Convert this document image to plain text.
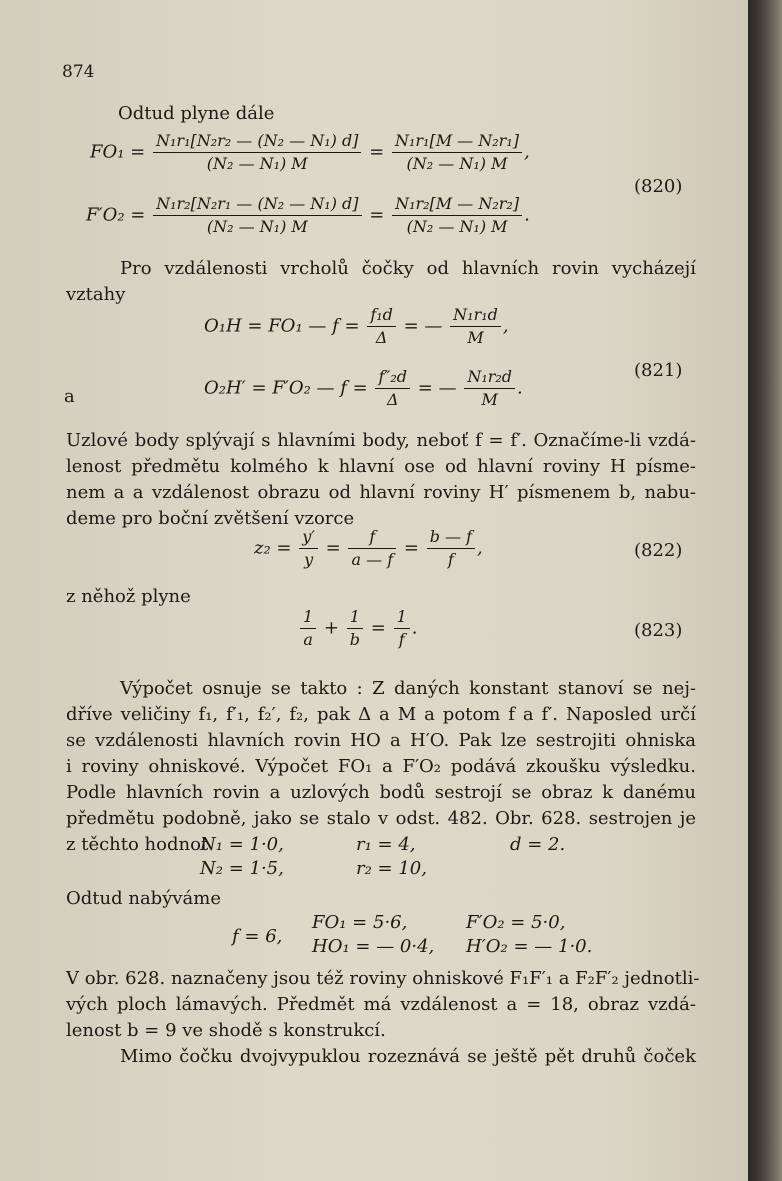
874
Odtud plyne dále
$FO_1 = \frac{\text{N₁r₁[N₂r₂ — (N₂ — N₁) d]}}{\text{(N₂ — N₁) M}} = \frac{\text{N₁r₁[M — N₂r₁]}}{\text{(N₂ — N₁) M}}$ ,
$F'O_2 = \frac{\text{N₁r₂[N₂r₁ — (N₂ — N₁) d]}}{\text{(N₂ — N₁) M}} = \frac{\text{N₁r₂[M — N₂r₂]}}{\text{(N₂ — N₁) M}}$ .
(820)
Pro vzdálenosti vrcholů čočky od hlavních rovin vycházejí
vztahy
O₁H = FO₁ — $f = \frac{\text{f₁d}}{\Delta}$ = — $\frac{\text{N₁r₁d}}{M}$ ,
a	O₂H′ = F′O₂ — $f = \frac{\text{f″₂d}}{\Delta}$ = — $\frac{\text{N₁r₂d}}{M}$ .
(821)
Uzlové body splývají s hlavními body, neboť f = f′. Označíme-li vzdá-
lenost předmětu kolmého k hlavní ose od hlavní roviny H písme-
nem a a vzdálenost obrazu od hlavní roviny H′ písmenem b, nabu-
deme pro boční zvětšení vzorce
$z_2 = \frac{y'}{y} = \frac{f}{a — f} = \frac{b — f}{f}$ ,	(822)
z něhož plyne
$\frac{1}{a} + \frac{1}{b} = \frac{1}{f}$ .	(823)
Výpočet osnuje se takto : Z daných konstant stanoví se nej-
dříve veličiny f₁, f′₁, f₂′, f₂, pak Δ a M a potom f a f′. Naposled určí
se vzdálenosti hlavních rovin HO a H′O. Pak lze sestrojiti ohniska
i roviny ohniskové. Výpočet FO₁ a F′O₂ podává zkoušku výsledku.
Podle hlavních rovin a uzlových bodů sestrojí se obraz k danému
předmětu podobně, jako se stalo v odst. 482. Obr. 628. sestrojen je
z těchto hodnot
N₁ = 1·0,	r₁ = 4,	d = 2.
N₂ = 1·5,	r₂ = 10,
Odtud nabýváme
f = 6,
FO₁ = 5·6,	F′O₂ = 5·0,
HO₁ = — 0·4, H′O₂ = — 1·0.
V obr. 628. naznačeny jsou též roviny ohniskové F₁F′₁ a F₂F′₂ jednotli-
vých ploch lámavých. Předmět má vzdálenost a = 18, obraz vzdá-
lenost b = 9 ve shodě s konstrukcí.
Mimo čočku dvojvypuklou rozeznává se ještě pět druhů čoček
